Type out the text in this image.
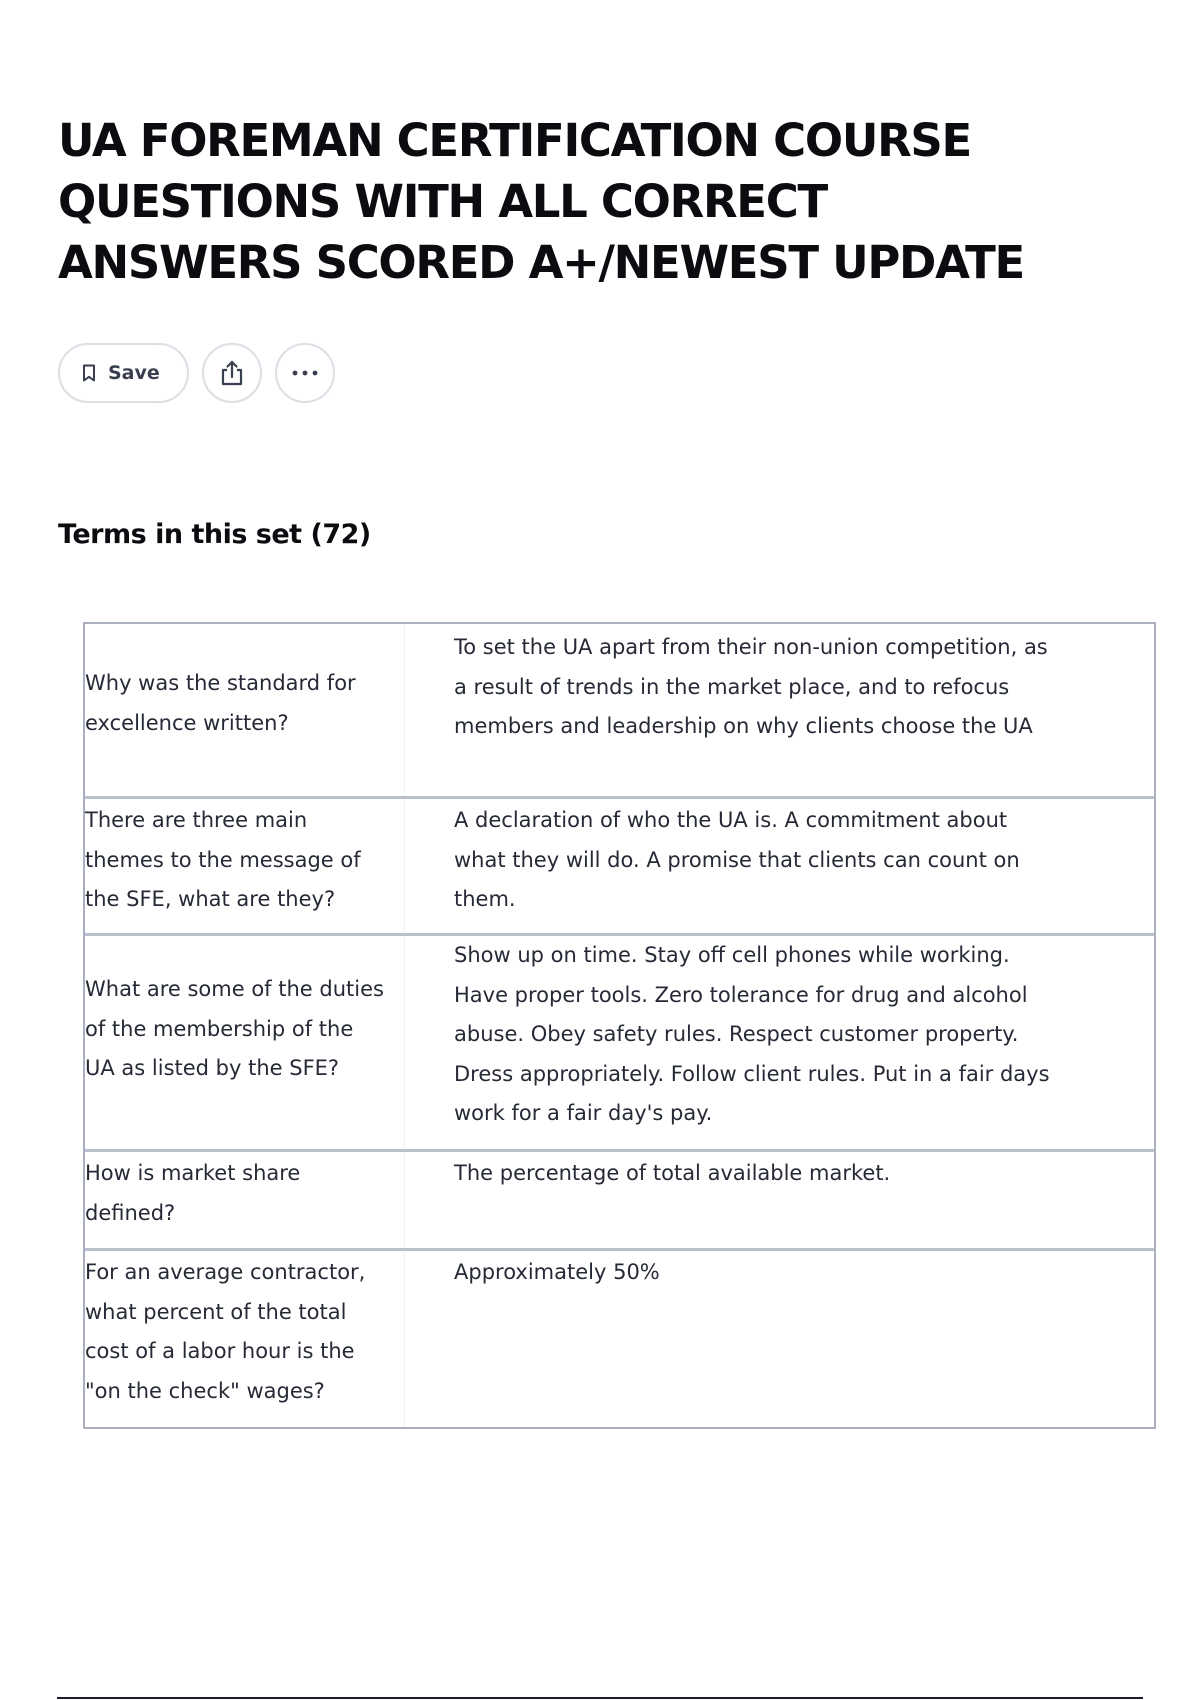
UA FOREMAN CERTIFICATION COURSE QUESTIONS WITH ALL CORRECT ANSWERS SCORED A+/NEWEST UPDATE
Save
Terms in this set (72)
Why was the standard for excellence written?
To set the UA apart from their non-union competition, as a result of trends in the market place, and to refocus members and leadership on why clients choose the UA
There are three main themes to the message of the SFE, what are they?
A declaration of who the UA is. A commitment about what they will do. A promise that clients can count on them.
What are some of the duties of the membership of the UA as listed by the SFE?
Show up on time. Stay off cell phones while working. Have proper tools. Zero tolerance for drug and alcohol abuse. Obey safety rules. Respect customer property. Dress appropriately. Follow client rules. Put in a fair days work for a fair day's pay.
How is market share defined?
The percentage of total available market.
For an average contractor, what percent of the total cost of a labor hour is the "on the check" wages?
Approximately 50%
